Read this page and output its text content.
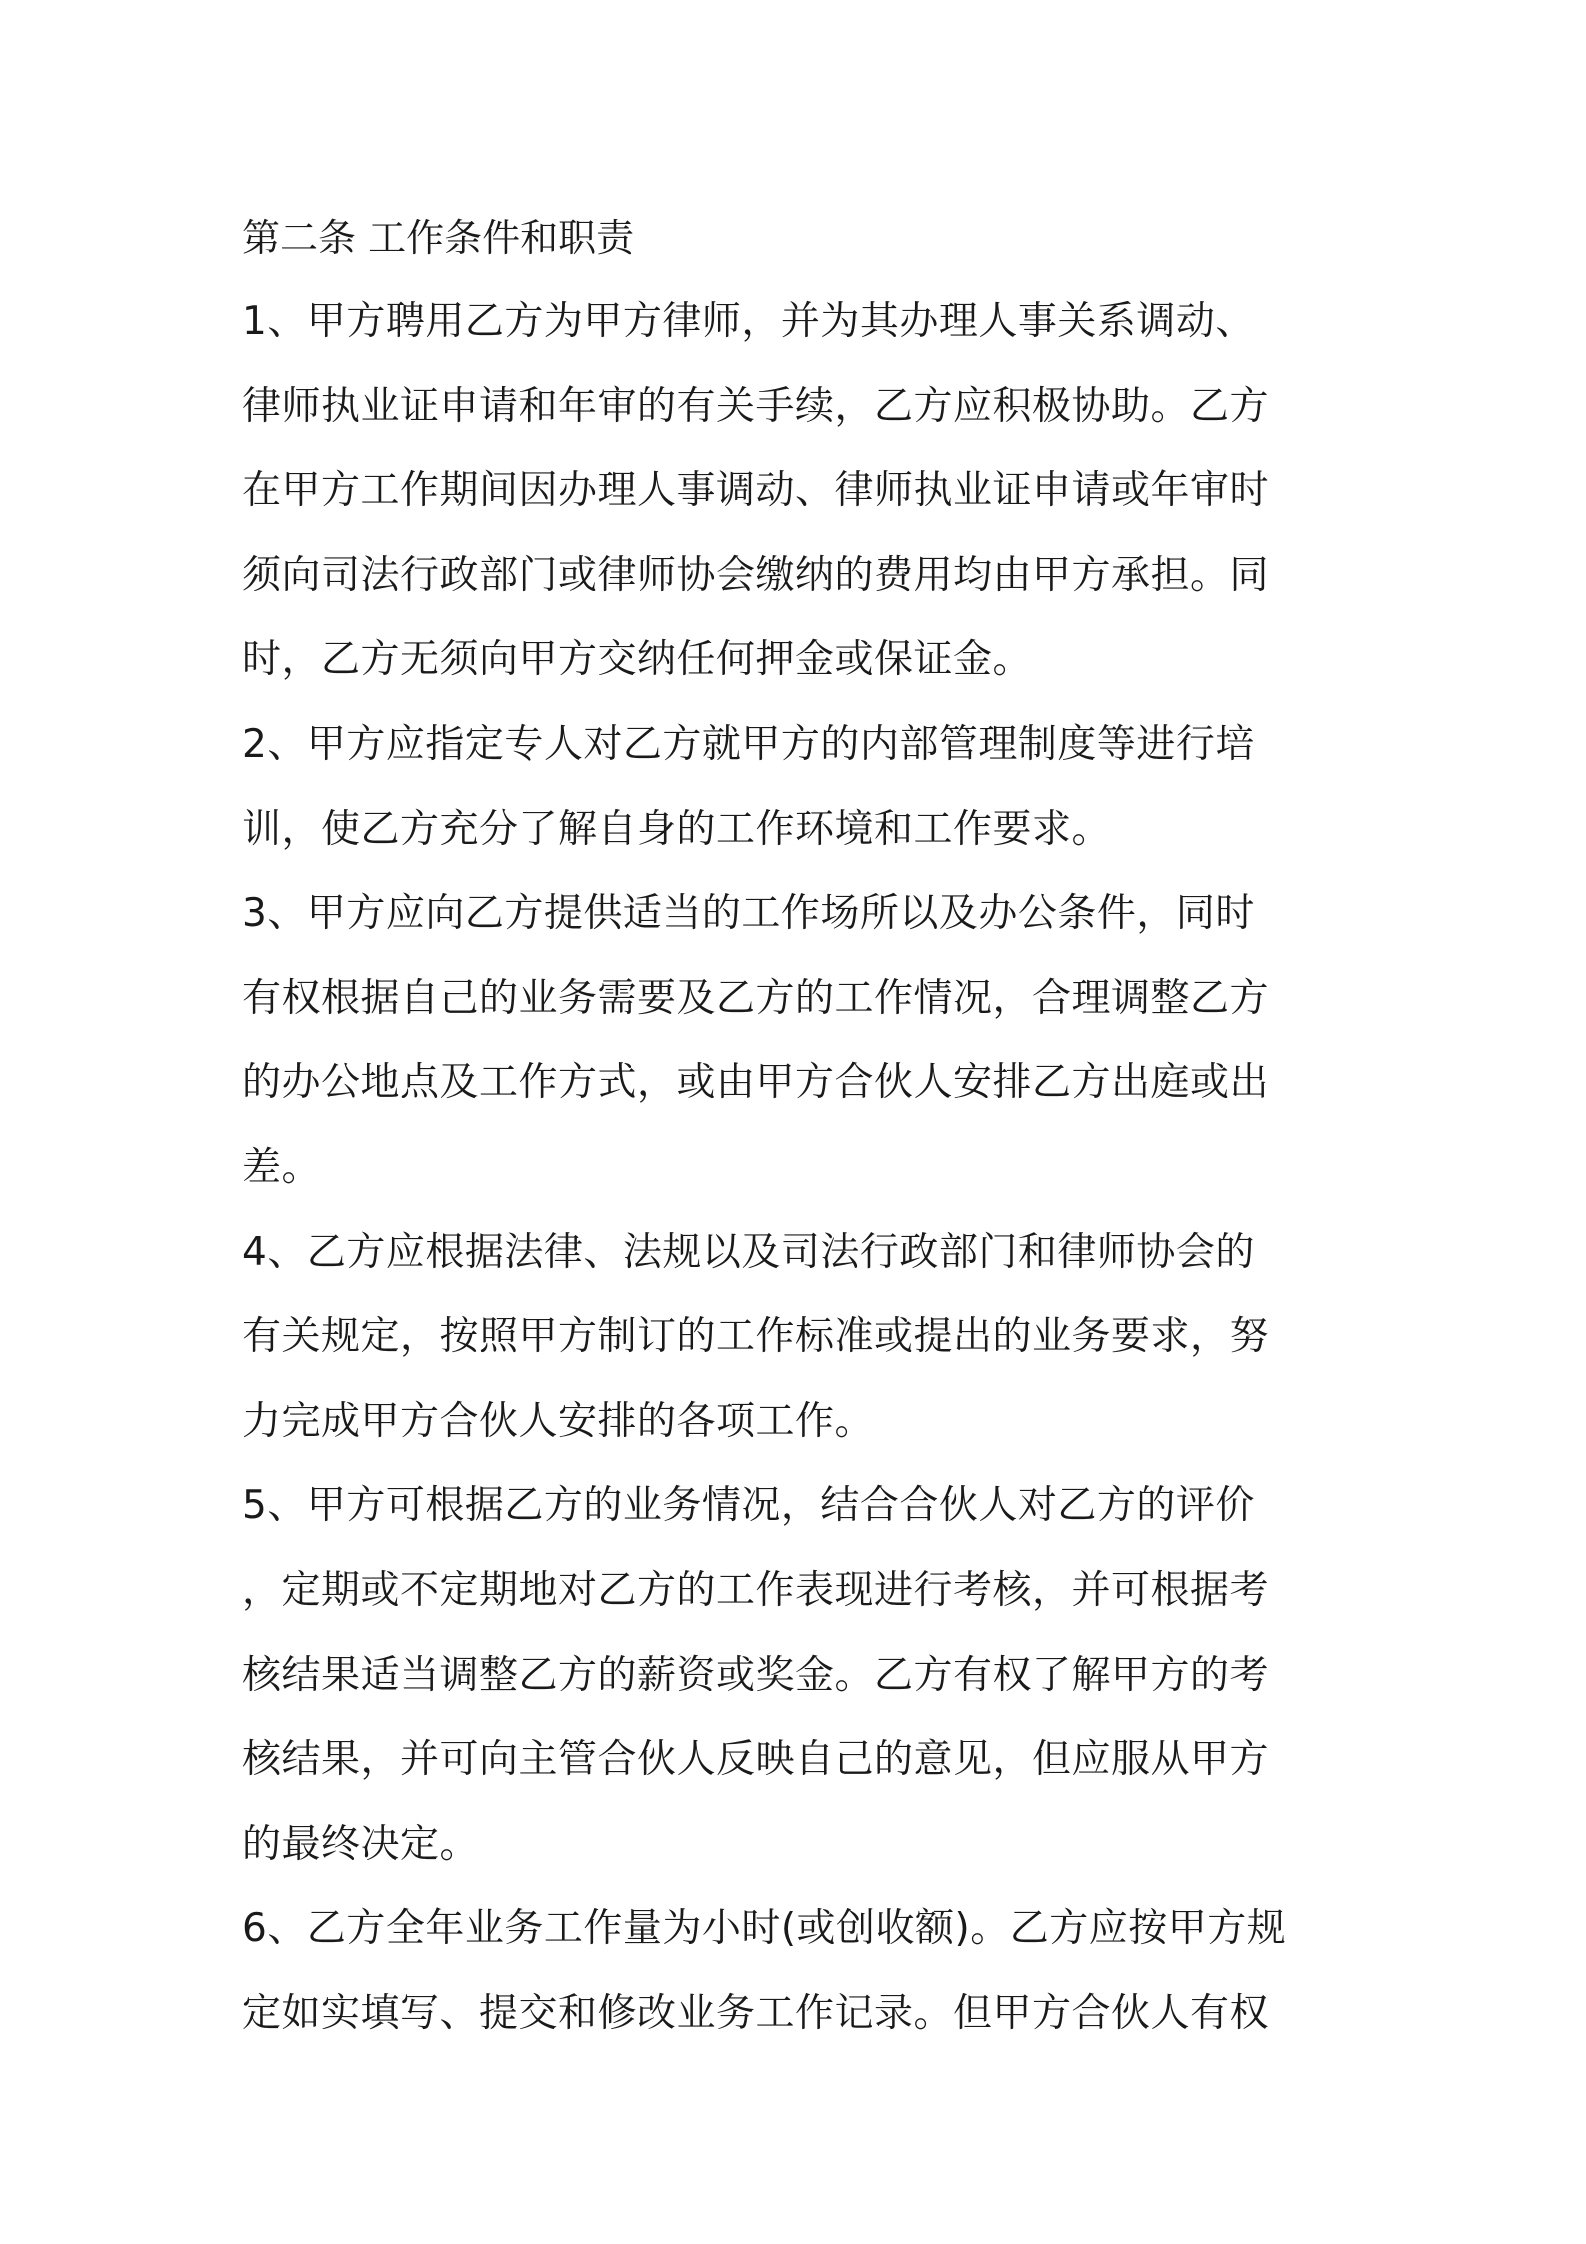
第二条 工作条件和职责
1、甲方聘用乙方为甲方律师，并为其办理人事关系调动、
律师执业证申请和年审的有关手续，乙方应积极协助。乙方
在甲方工作期间因办理人事调动、律师执业证申请或年审时
须向司法行政部门或律师协会缴纳的费用均由甲方承担。同
时，乙方无须向甲方交纳任何押金或保证金。
2、甲方应指定专人对乙方就甲方的内部管理制度等进行培
训，使乙方充分了解自身的工作环境和工作要求。
3、甲方应向乙方提供适当的工作场所以及办公条件，同时
有权根据自己的业务需要及乙方的工作情况，合理调整乙方
的办公地点及工作方式，或由甲方合伙人安排乙方出庭或出
差。
4、乙方应根据法律、法规以及司法行政部门和律师协会的
有关规定，按照甲方制订的工作标准或提出的业务要求，努
力完成甲方合伙人安排的各项工作。
5、甲方可根据乙方的业务情况，结合合伙人对乙方的评价
，定期或不定期地对乙方的工作表现进行考核，并可根据考
核结果适当调整乙方的薪资或奖金。乙方有权了解甲方的考
核结果，并可向主管合伙人反映自己的意见，但应服从甲方
的最终决定。
6、乙方全年业务工作量为小时(或创收额)。乙方应按甲方规
定如实填写、提交和修改业务工作记录。但甲方合伙人有权
